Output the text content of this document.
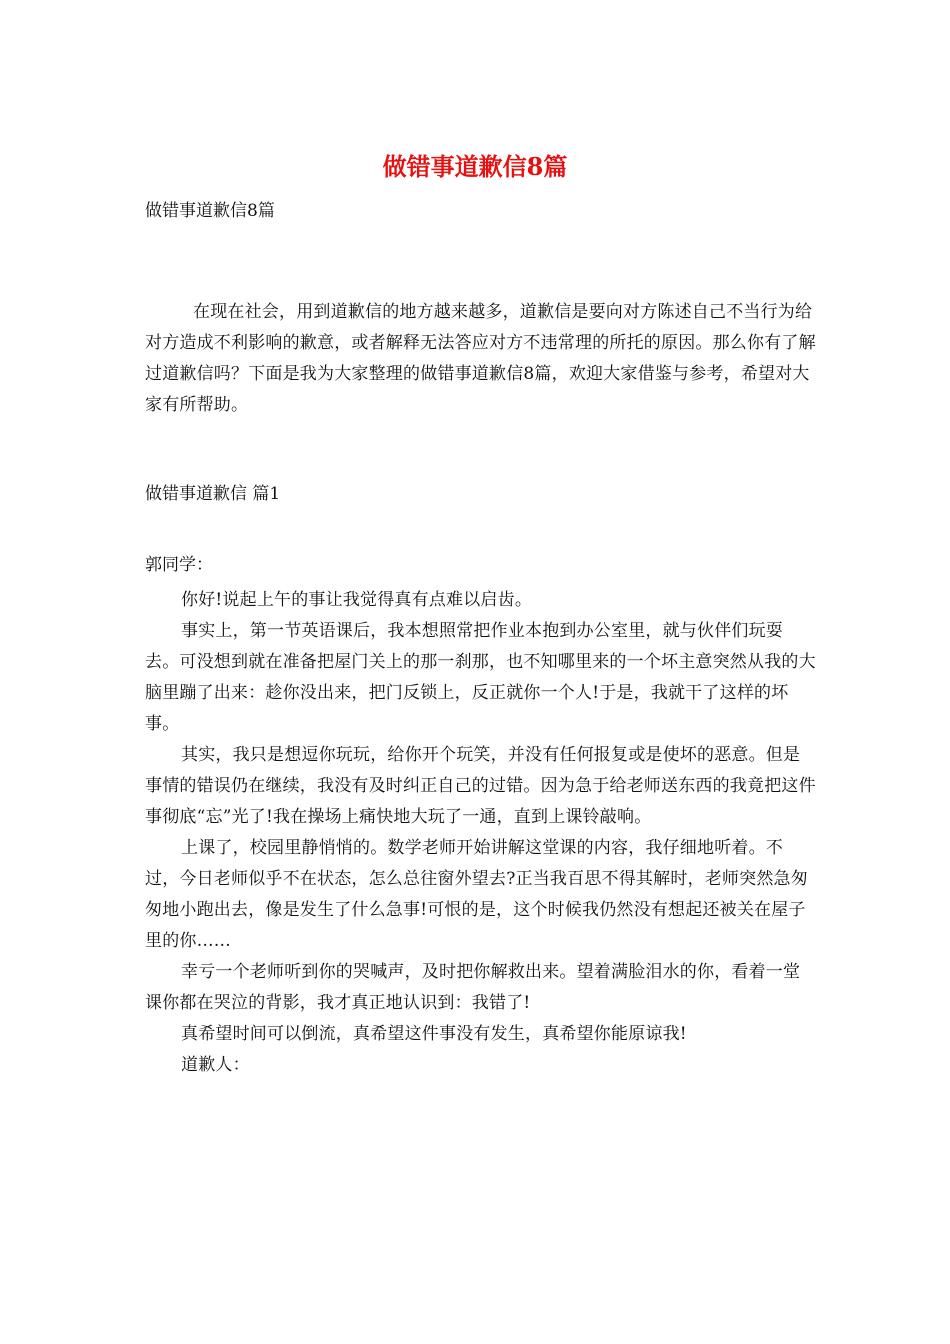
做错事道歉信8篇
做错事道歉信8篇
在现在社会，用到道歉信的地方越来越多，道歉信是要向对方陈述自己不当行为给对方造成不利影响的歉意，或者解释无法答应对方不违常理的所托的原因。那么你有了解过道歉信吗？下面是我为大家整理的做错事道歉信8篇，欢迎大家借鉴与参考，希望对大家有所帮助。
做错事道歉信 篇1
郭同学：

你好!说起上午的事让我觉得真有点难以启齿。

事实上，第一节英语课后，我本想照常把作业本抱到办公室里，就与伙伴们玩耍去。可没想到就在准备把屋门关上的那一刹那，也不知哪里来的一个坏主意突然从我的大脑里蹦了出来：趁你没出来，把门反锁上，反正就你一个人!于是，我就干了这样的坏事。

其实，我只是想逗你玩玩，给你开个玩笑，并没有任何报复或是使坏的恶意。但是事情的错误仍在继续，我没有及时纠正自己的过错。因为急于给老师送东西的我竟把这件事彻底“忘”光了!我在操场上痛快地大玩了一通，直到上课铃敲响。

上课了，校园里静悄悄的。数学老师开始讲解这堂课的内容，我仔细地听着。不过，今日老师似乎不在状态，怎么总往窗外望去?正当我百思不得其解时，老师突然急匆匆地小跑出去，像是发生了什么急事!可恨的是，这个时候我仍然没有想起还被关在屋子里的你……

幸亏一个老师听到你的哭喊声，及时把你解救出来。望着满脸泪水的你，看着一堂课你都在哭泣的背影，我才真正地认识到：我错了!

真希望时间可以倒流，真希望这件事没有发生，真希望你能原谅我!

道歉人：
